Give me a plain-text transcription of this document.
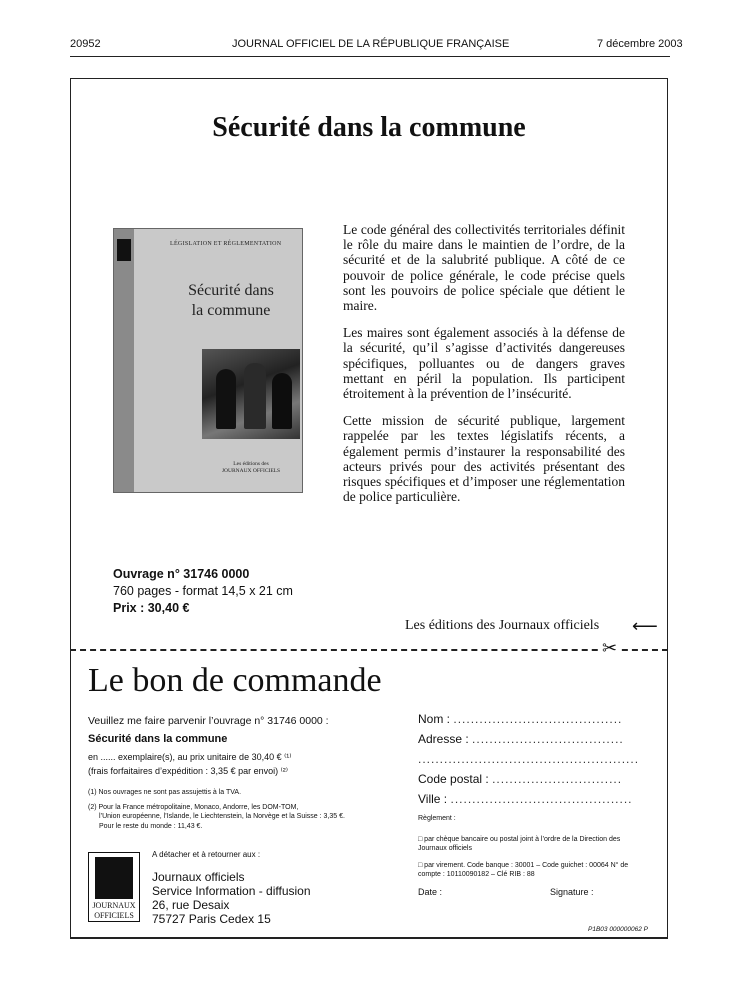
20952	JOURNAL OFFICIEL DE LA RÉPUBLIQUE FRANÇAISE	7 décembre 2003
Sécurité dans la commune
LÉGISLATION ET RÉGLEMENTATION
Sécurité dans
la commune
Les éditions des
JOURNAUX OFFICIELS

Le code général des collectivités territoriales définit le rôle du maire dans le maintien de l’ordre, de la sécurité et de la salubrité publique. A côté de ce pouvoir de police générale, le code précise quels sont les pouvoirs de police spéciale que détient le maire.

Les maires sont également associés à la défense de la sécurité, qu’il s’agisse d’activités dangereuses spécifiques, polluantes ou de dangers graves mettant en péril la population. Ils participent étroitement à la prévention de l’insécurité.

Cette mission de sécurité publique, largement rappelée par les textes législatifs récents, a également permis d’instaurer la responsabilité des acteurs privés pour des activités présentant des risques spécifiques et d’imposer une réglementation de police particulière.

Ouvrage n° 31746 0000
760 pages - format 14,5 x 21 cm
Prix : 30,40 €
Les éditions des Journaux officiels ⟵
✂
Le bon de commande
Veuillez me faire parvenir l’ouvrage n° 31746 0000 :
Sécurité dans la commune
en ...... exemplaire(s), au prix unitaire de 30,40 € ⁽¹⁾
(frais forfaitaires d’expédition : 3,35 € par envoi) ⁽²⁾
(1) Nos ouvrages ne sont pas assujettis à la TVA.
(2) Pour la France métropolitaine, Monaco, Andorre, les DOM-TOM,
l’Union européenne, l’Islande, le Liechtenstein, la Norvège et la Suisse : 3,35 €.
Pour le reste du monde : 11,43 €.
JOURNAUX
OFFICIELS
A détacher et à retourner aux :
Journaux officiels
Service Information - diffusion
26, rue Desaix
75727 Paris Cedex 15
Nom : .......................................
Adresse : ...................................
...................................................
Code postal : ..............................
Ville : ..........................................
Règlement :
□ par chèque bancaire ou postal joint à l’ordre de la Direction des Journaux officiels
□ par virement. Code banque : 30001 – Code guichet : 00064 N° de compte : 10110090182 – Clé RIB : 88
Date :	Signature :
P1B03 000000062 P
